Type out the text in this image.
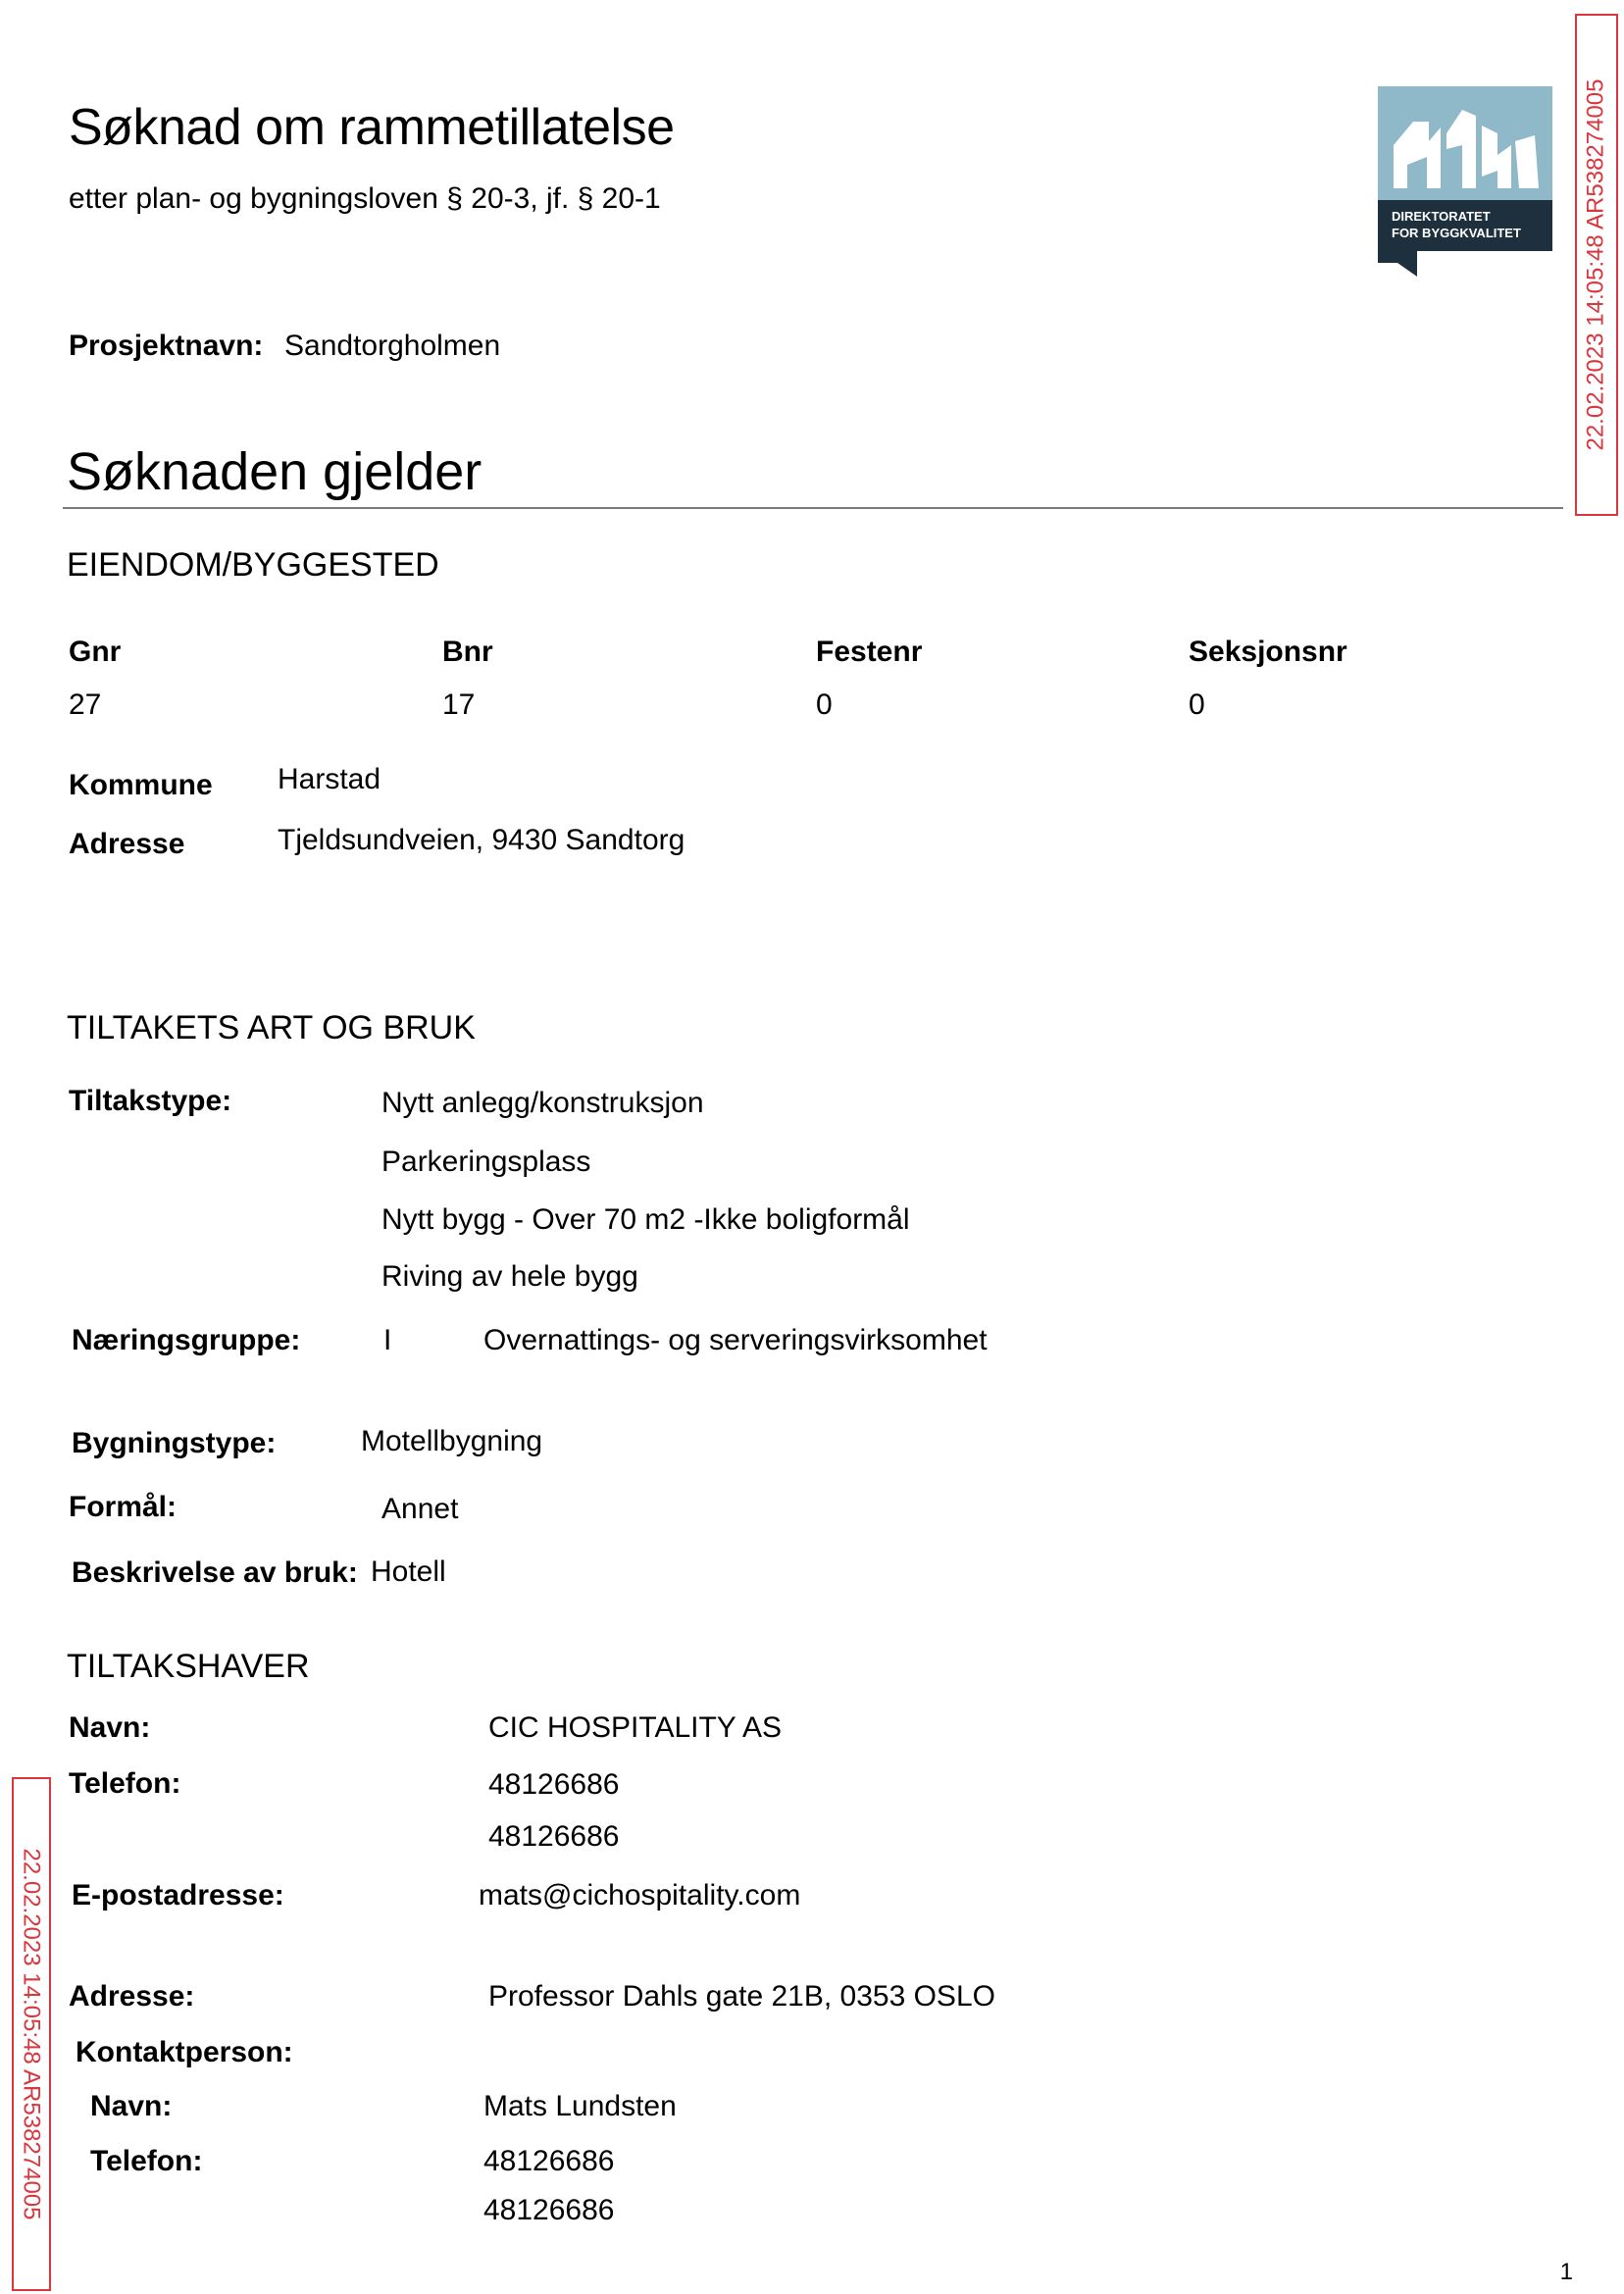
Søknad om rammetillatelse
etter plan- og bygningsloven § 20-3, jf. § 20-1
DIREKTORATET
FOR BYGGKVALITET	22.02.2023 14:05:48 AR538274005
22.02.2023 14:05:48 AR538274005
Prosjektnavn: Sandtorgholmen
Søknaden gjelder
EIENDOM/BYGGESTED
Gnr	Bnr	Festenr	Seksjonsnr
27	17	0	0
Kommune Harstad
Adresse	Tjeldsundveien, 9430 Sandtorg
TILTAKETS ART OG BRUK
Tiltakstype:	Nytt anlegg/konstruksjon
Parkeringsplass
Nytt bygg - Over 70 m2 -Ikke boligformål
Riving av hele bygg
Næringsgruppe:	I	Overnattings- og serveringsvirksomhet
Bygningstype:	Motellbygning
Formål:	Annet
Beskrivelse av bruk: Hotell
TILTAKSHAVER
Navn:	CIC HOSPITALITY AS
Telefon:	48126686
48126686
E-postadresse:	mats@cichospitality.com
Adresse:	Professor Dahls gate 21B, 0353 OSLO
Kontaktperson:
Navn:	Mats Lundsten
Telefon:	48126686
48126686
1
